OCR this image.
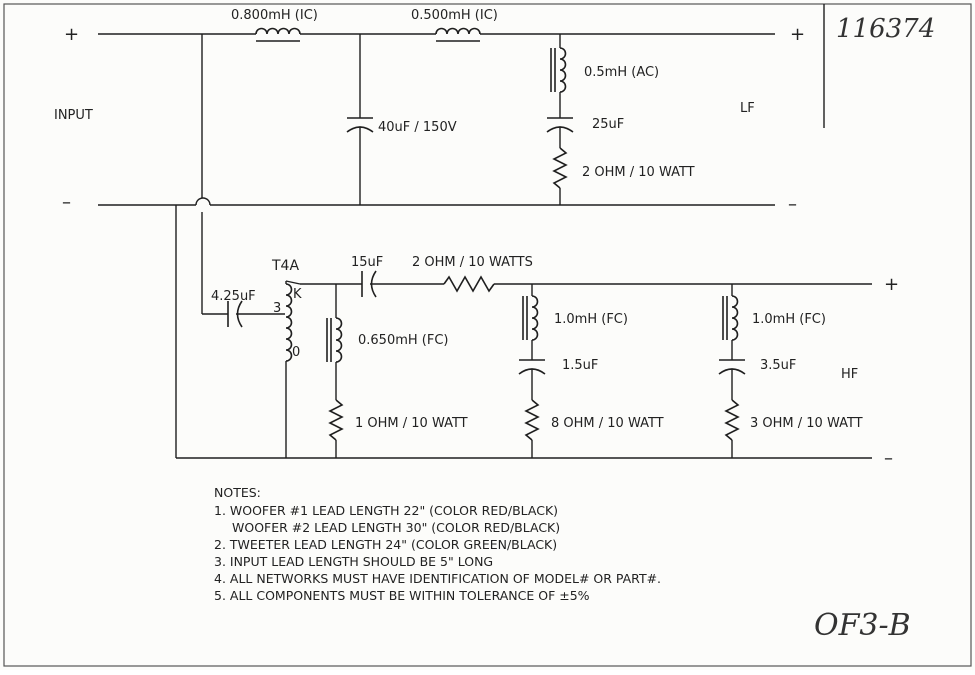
+
–
INPUT
+
–
LF
+
–
HF
0.800mH (IC)	0.500mH (IC)
40uF / 150V
0.5mH (AC)
25uF
2 OHM / 10 WATT
T4A
4.25uF
3
K
0
15uF 2 OHM / 10 WATTS
0.650mH (FC)
1 OHM / 10 WATT
1.0mH (FC)
1.5uF
8 OHM / 10 WATT
1.0mH (FC)
3.5uF
3 OHM / 10 WATT
NOTES:
1. WOOFER #1 LEAD LENGTH 22" (COLOR RED/BLACK)
WOOFER #2 LEAD LENGTH 30" (COLOR RED/BLACK)
2. TWEETER LEAD LENGTH 24" (COLOR GREEN/BLACK)
3. INPUT LEAD LENGTH SHOULD BE 5" LONG
4. ALL NETWORKS MUST HAVE IDENTIFICATION OF MODEL# OR PART#.
5. ALL COMPONENTS MUST BE WITHIN TOLERANCE OF ±5%
116374
OF3-B
